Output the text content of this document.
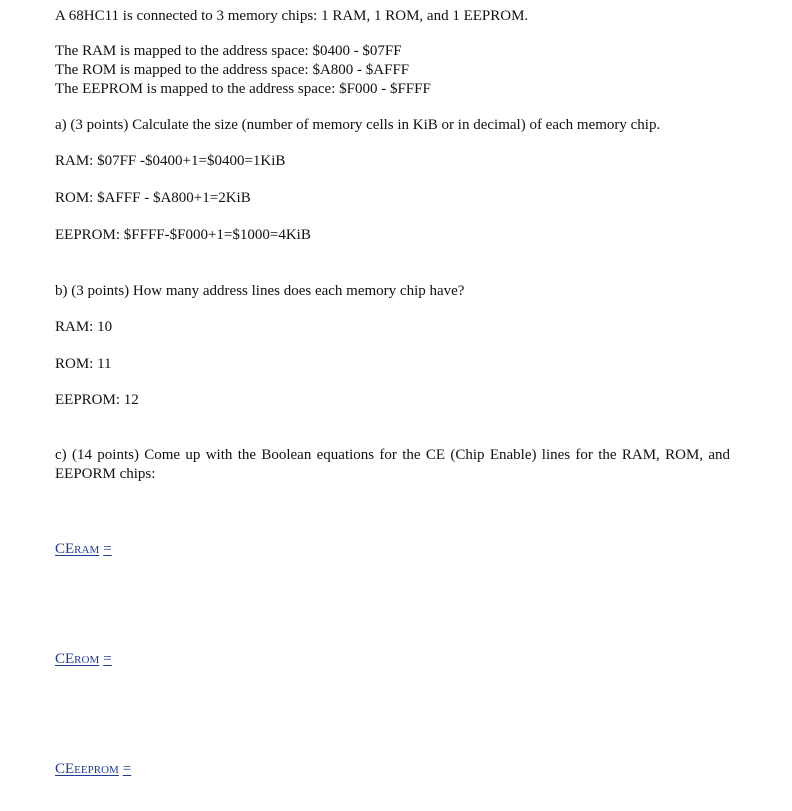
A 68HC11 is connected to 3 memory chips: 1 RAM, 1 ROM, and 1 EEPROM.
The RAM is mapped to the address space: $0400 - $07FF
The ROM is mapped to the address space: $A800 - $AFFF
The EEPROM is mapped to the address space: $F000 - $FFFF
a) (3 points) Calculate the size (number of memory cells in KiB or in decimal) of each memory chip.
RAM: $07FF -$0400+1=$0400=1KiB
ROM: $AFFF - $A800+1=2KiB
EEPROM: $FFFF-$F000+1=$1000=4KiB
b) (3 points) How many address lines does each memory chip have?
RAM: 10
ROM: 11
EEPROM: 12
c) (14 points) Come up with the Boolean equations for the CE (Chip Enable) lines for the RAM, ROM, and EEPORM chips:
CERAM =
CEROM =
CEEEPROM =
